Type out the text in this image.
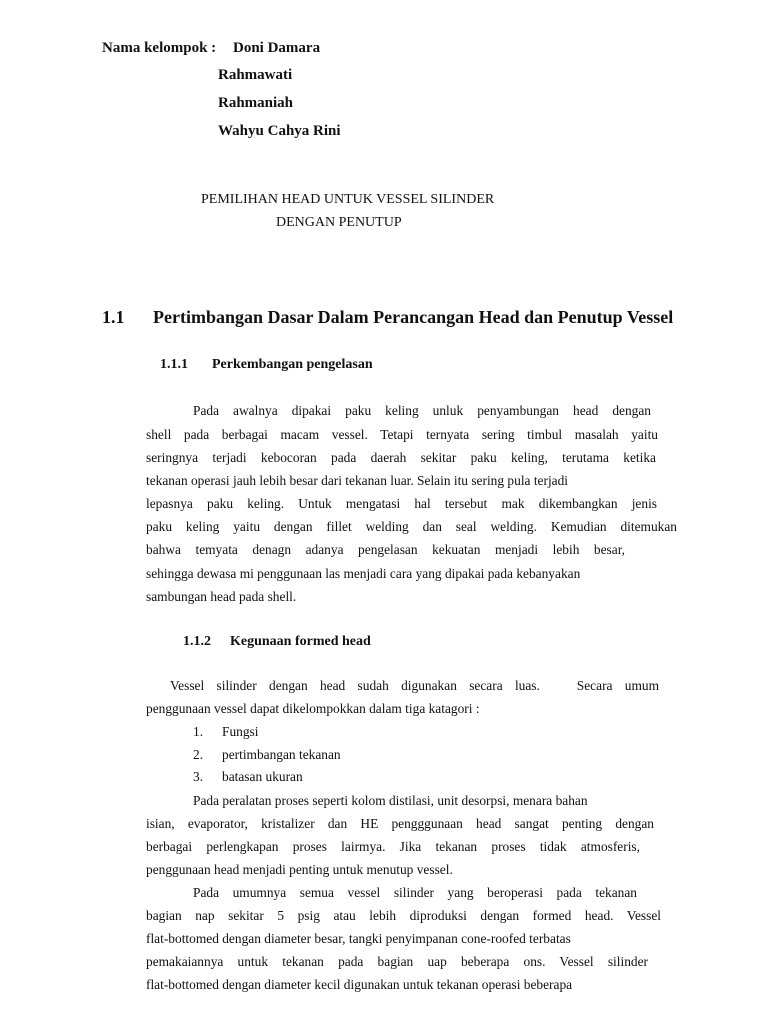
Nama kelompok : Doni Damara
Rahmawati
Rahmaniah
Wahyu Cahya Rini
PEMILIHAN HEAD UNTUK VESSEL SILINDER
DENGAN PENUTUP
1.1 Pertimbangan Dasar Dalam Perancangan Head dan Penutup Vessel
1.1.1 Perkembangan pengelasan
Pada awalnya dipakai paku keling unluk penyambungan head dengan
shell pada berbagai macam vessel. Tetapi ternyata sering timbul masalah yaitu
seringnya terjadi kebocoran pada daerah sekitar paku keling, terutama ketika
tekanan operasi jauh lebih besar dari tekanan luar. Selain itu sering pula terjadi
lepasnya paku keling. Untuk mengatasi hal tersebut mak dikembangkan jenis
paku keling yaitu dengan fillet welding dan seal welding. Kemudian ditemukan
bahwa temyata denagn adanya pengelasan kekuatan menjadi lebih besar,
sehingga dewasa mi penggunaan las menjadi cara yang dipakai pada kebanyakan
sambungan head pada shell.
1.1.2 Kegunaan formed head
Vessel silinder dengan head sudah digunakan secara luas.   Secara umum
penggunaan vessel dapat dikelompokkan dalam tiga katagori :
1. Fungsi
2. pertimbangan tekanan
3. batasan ukuran
Pada peralatan proses seperti kolom distilasi, unit desorpsi, menara bahan
isian, evaporator, kristalizer dan HE pengggunaan head sangat penting dengan
berbagai perlengkapan proses lairmya. Jika tekanan proses tidak atmosferis,
penggunaan head menjadi penting untuk menutup vessel.
Pada umumnya semua vessel silinder yang beroperasi pada tekanan
bagian nap sekitar 5 psig atau lebih diproduksi dengan formed head. Vessel
flat-bottomed dengan diameter besar, tangki penyimpanan cone-roofed terbatas
pemakaiannya untuk tekanan pada bagian uap beberapa ons. Vessel silinder
flat-bottomed dengan diameter kecil digunakan untuk tekanan operasi beberapa
